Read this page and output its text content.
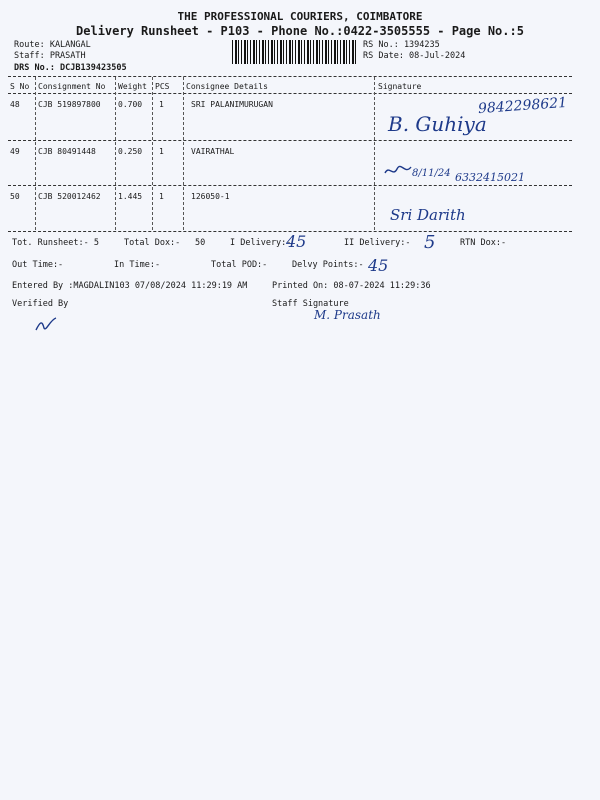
THE PROFESSIONAL COURIERS, COIMBATORE
Delivery Runsheet - P103 - Phone No.:0422-3505555 - Page No.:5
Route: KALANGAL
Staff: PRASATH
DRS No.: DCJB139423505
RS No.: 1394235
RS Date: 08-Jul-2024
S No Consignment No Weight PCS Consignee Details	Signature
48 CJB 519897800 0.700 1	SRI PALANIMURUGAN	9842298621
B. Guhiya
49 CJB 80491448	0.250 1	VAIRATHAL
8/11/24 6332415021
50 CJB 520012462 1.445 1	126050-1
Sri Darith
Tot. Runsheet:- 5	Total Dox:- 50	I Delivery:-
45	II Delivery:- 5	RTN Dox:-
Out Time:-	In Time:-	Total POD:-	Delvy Points:- 45
Entered By :MAGDALIN103 07/08/2024 11:29:19 AM	Printed On: 08-07-2024 11:29:36
Verified By	Staff Signature
M. Prasath
